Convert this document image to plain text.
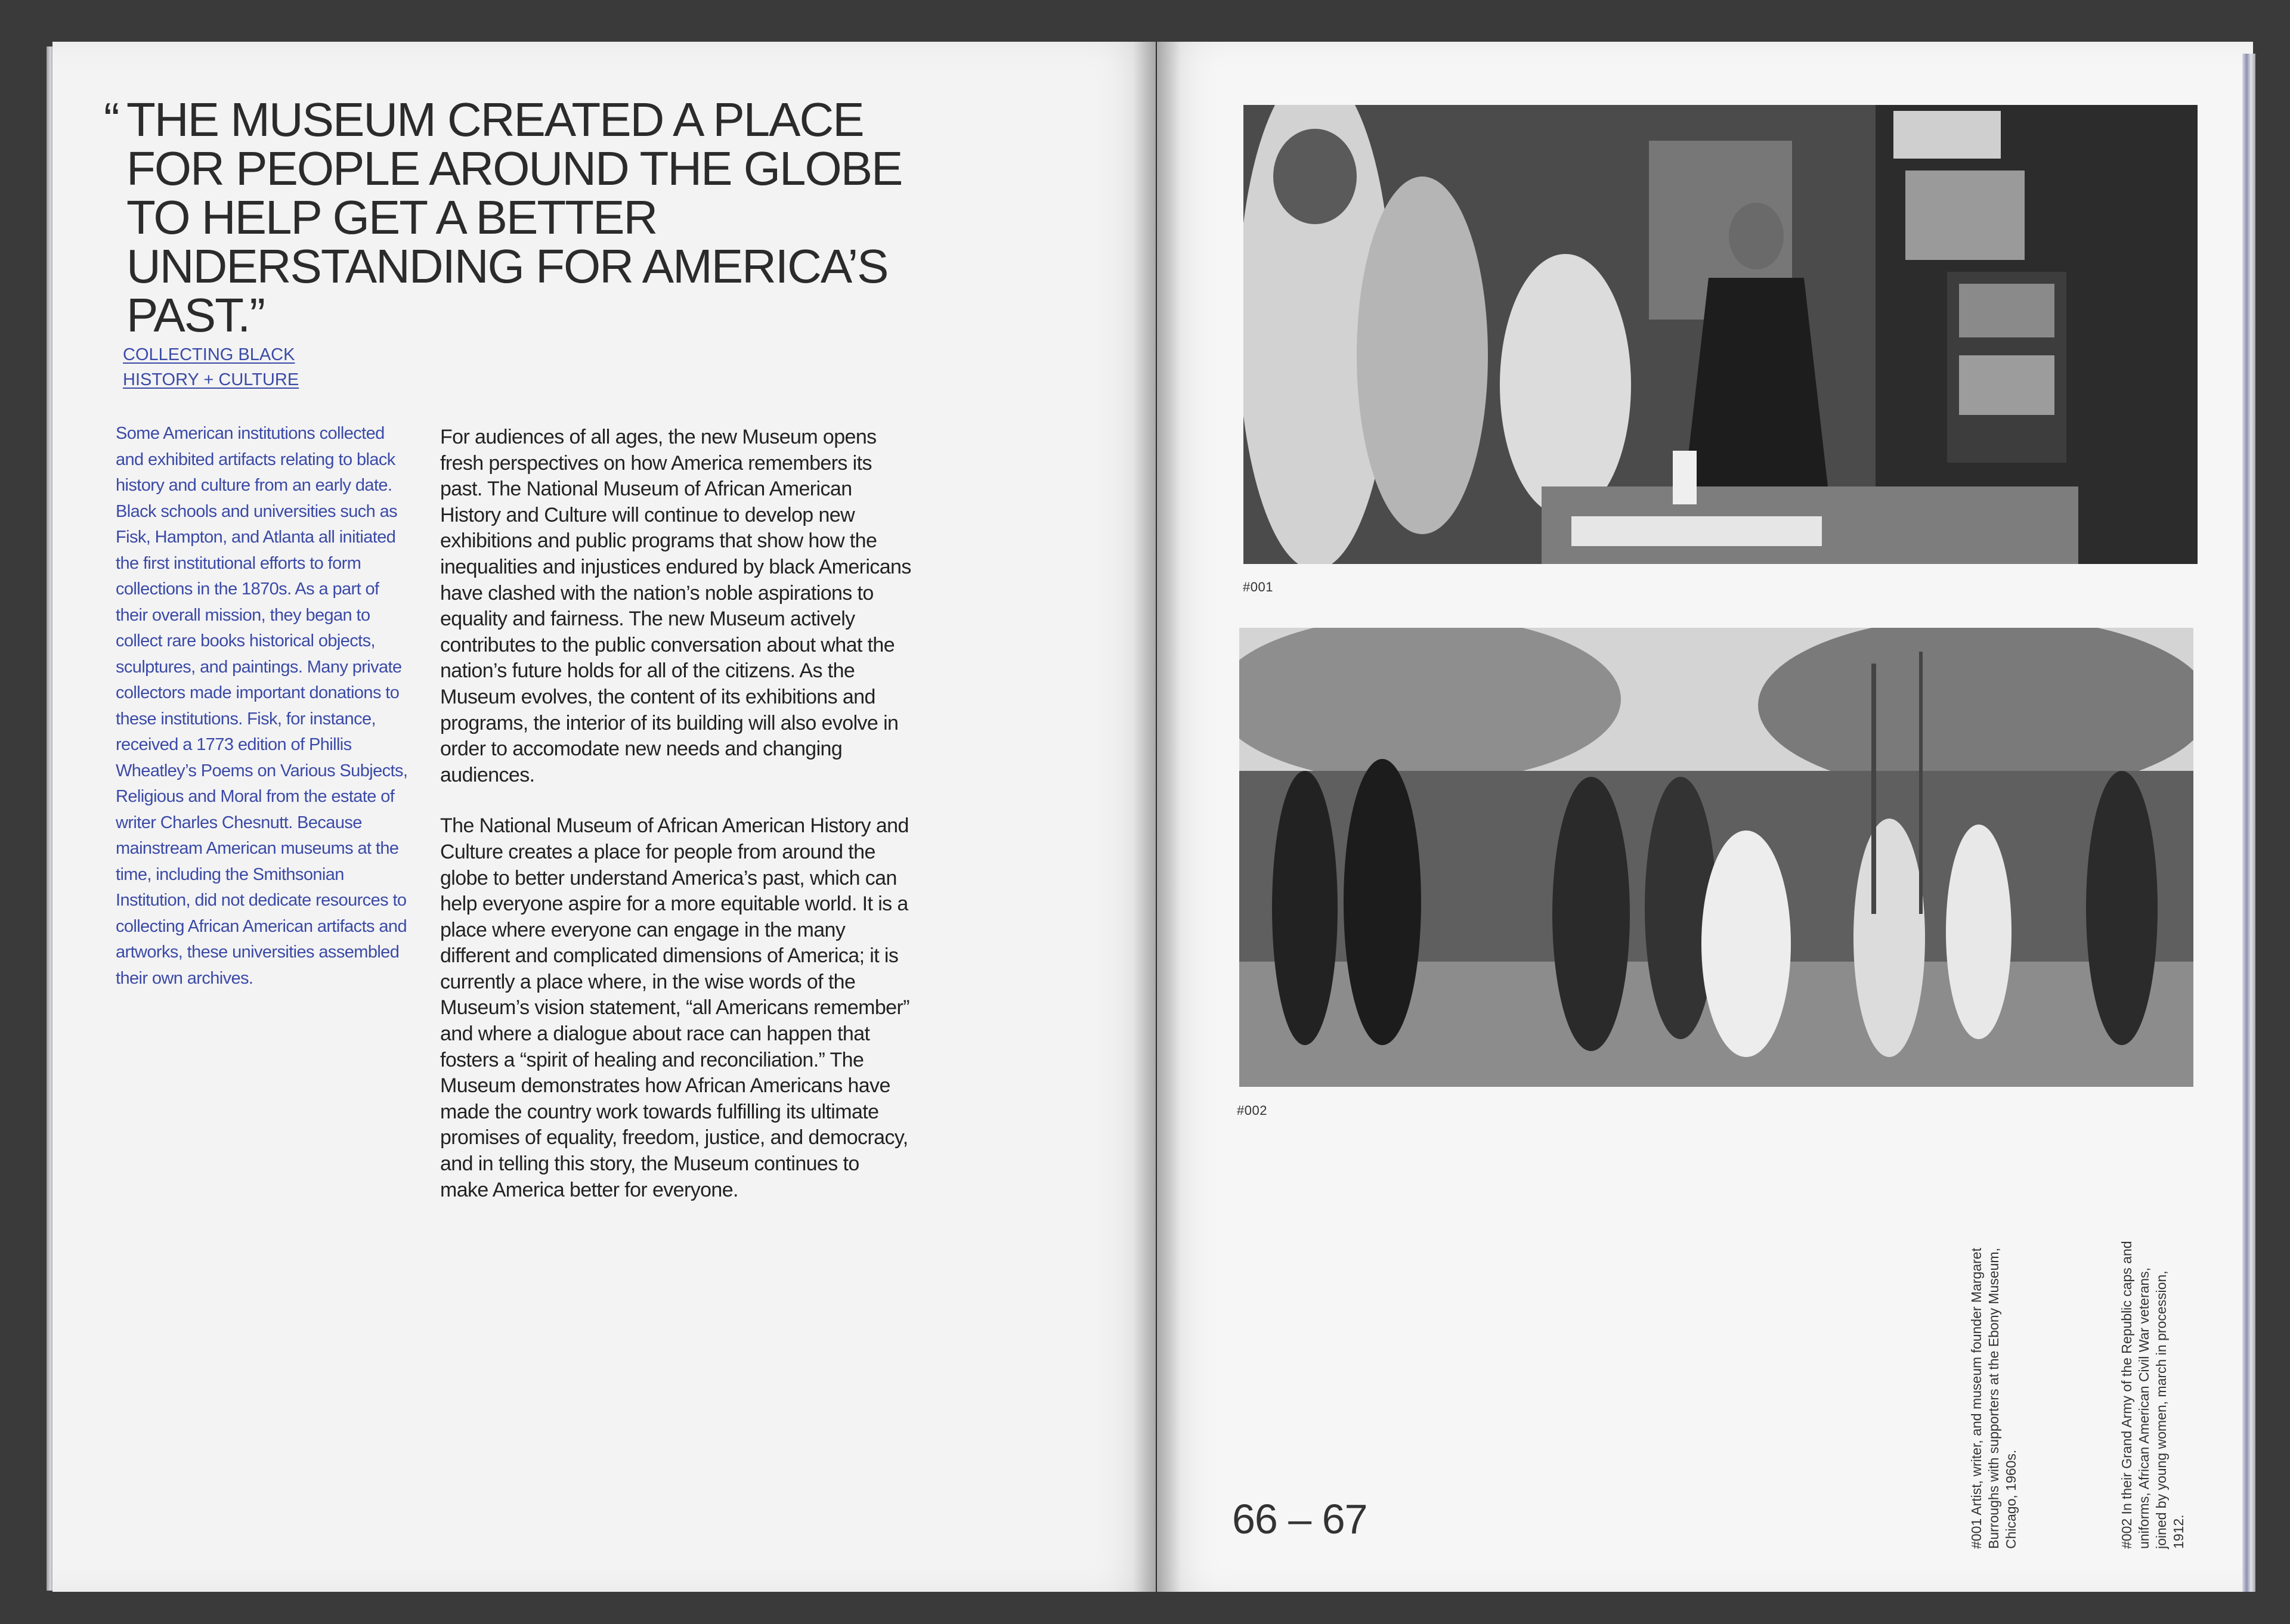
“ THE MUSEUM CREATED A PLACE FOR PEOPLE AROUND THE GLOBE TO HELP GET A BETTER UNDERSTANDING FOR AMERICA’S PAST.”
COLLECTING BLACK
HISTORY + CULTURE
Some American institutions collected and exhibited artifacts relating to black history and culture from an early date. Black schools and universities such as Fisk, Hampton, and Atlanta all initiated the first institutional efforts to form collections in the 1870s. As a part of their overall mission, they began to collect rare books historical objects, sculptures, and paintings. Many private collectors made important donations to these institutions. Fisk, for instance, received a 1773 edition of Phillis Wheatley’s Poems on Various Subjects, Religious and Moral from the estate of writer Charles Chesnutt. Because mainstream American museums at the time, including the Smithsonian Institution, did not dedicate resources to collecting African American artifacts and artworks, these universities assembled their own archives.

For audiences of all ages, the new Museum opens fresh perspectives on how America remembers its past. The National Museum of African American History and Culture will continue to develop new exhibitions and public programs that show how the inequalities and injustices endured by black Americans have clashed with the nation’s noble aspirations to equality and fairness. The new Museum actively contributes to the public conversation about what the nation’s future holds for all of the citizens. As the Museum evolves, the content of its exhibitions and programs, the interior of its building will also evolve in order to accomodate new needs and changing audiences.

The National Museum of African American History and Culture creates a place for people from around the globe to better understand America’s past, which can help everyone aspire for a more equitable world. It is a place where everyone can engage in the many different and complicated dimensions of America; it is currently a place where, in the wise words of the Museum’s vision statement, “all Americans remember” and where a dialogue about race can happen that fosters a “spirit of healing and reconciliation.” The Museum demonstrates how African Americans have made the country work towards fulfilling its ultimate promises of equality, freedom, justice, and democracy, and in telling this story, the Museum continues to make America better for everyone.

#001
#002
66 – 67	#001 Artist, writer, and museum founder Margaret Burroughs with supporters at the Ebony Museum, Chicago, 1960s.	#002 In their Grand Army of the Republic caps and uniforms, African American Civil War veterans, joined by young women, march in procession, 1912.
